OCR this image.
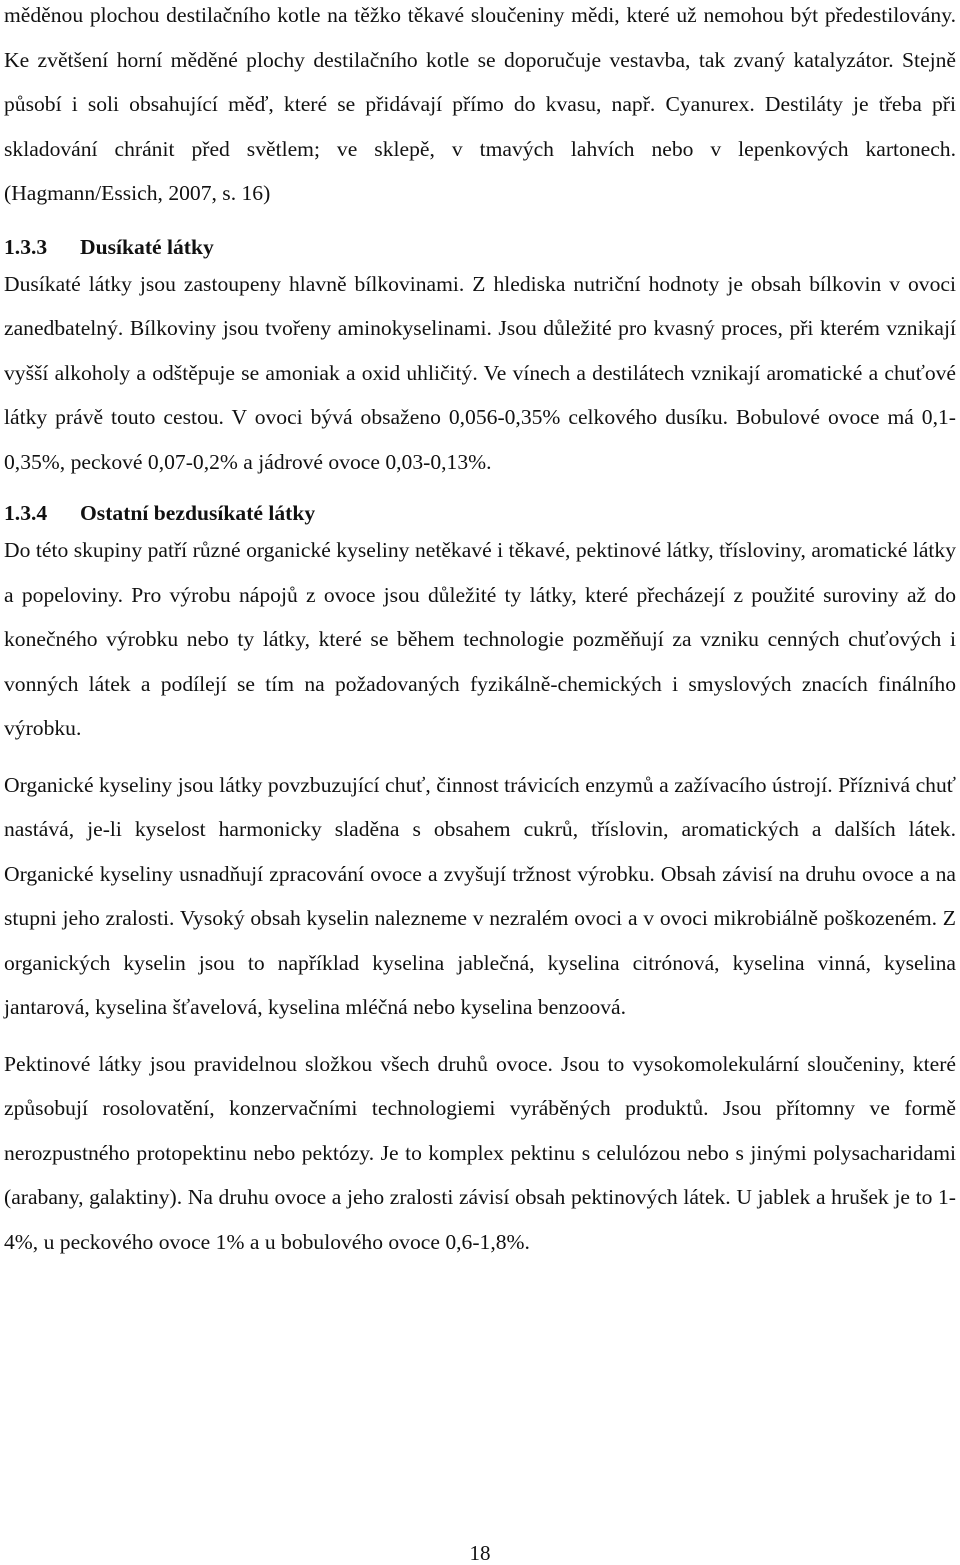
měděnou plochou destilačního kotle na těžko těkavé sloučeniny mědi, které už nemohou být předestilovány. Ke zvětšení horní měděné plochy destilačního kotle se doporučuje vestavba, tak zvaný katalyzátor. Stejně působí i soli obsahující měď, které se přidávají přímo do kvasu, např. Cyanurex. Destiláty je třeba při skladování chránit před světlem; ve sklepě, v tmavých lahvích nebo v lepenkových kartonech. (Hagmann/Essich, 2007, s. 16)

1.3.3 Dusíkaté látky

Dusíkaté látky jsou zastoupeny hlavně bílkovinami. Z hlediska nutriční hodnoty je obsah bílkovin v ovoci zanedbatelný. Bílkoviny jsou tvořeny aminokyselinami. Jsou důležité pro kvasný proces, při kterém vznikají vyšší alkoholy a odštěpuje se amoniak a oxid uhličitý. Ve vínech a destilátech vznikají aromatické a chuťové látky právě touto cestou. V ovoci bývá obsaženo 0,056-0,35% celkového dusíku. Bobulové ovoce má 0,1-0,35%, peckové 0,07-0,2% a jádrové ovoce 0,03-0,13%.

1.3.4 Ostatní bezdusíkaté látky

Do této skupiny patří různé organické kyseliny netěkavé i těkavé, pektinové látky, třísloviny, aromatické látky a popeloviny. Pro výrobu nápojů z ovoce jsou důležité ty látky, které přecházejí z použité suroviny až do konečného výrobku nebo ty látky, které se během technologie pozměňují za vzniku cenných chuťových i vonných látek a podílejí se tím na požadovaných fyzikálně-chemických i smyslových znacích finálního výrobku.

Organické kyseliny jsou látky povzbuzující chuť, činnost trávicích enzymů a zažívacího ústrojí. Příznivá chuť nastává, je-li kyselost harmonicky sladěna s obsahem cukrů, tříslovin, aromatických a dalších látek. Organické kyseliny usnadňují zpracování ovoce a zvyšují tržnost výrobku. Obsah závisí na druhu ovoce a na stupni jeho zralosti. Vysoký obsah kyselin nalezneme v nezralém ovoci a v ovoci mikrobiálně poškozeném. Z organických kyselin jsou to například kyselina jablečná, kyselina citrónová, kyselina vinná, kyselina jantarová, kyselina šťavelová, kyselina mléčná nebo kyselina benzoová.

Pektinové látky jsou pravidelnou složkou všech druhů ovoce. Jsou to vysokomolekulární sloučeniny, které způsobují rosolovatění, konzervačními technologiemi vyráběných produktů. Jsou přítomny ve formě nerozpustného protopektinu nebo pektózy. Je to komplex pektinu s celulózou nebo s jinými polysacharidami (arabany, galaktiny). Na druhu ovoce a jeho zralosti závisí obsah pektinových látek. U jablek a hrušek je to 1-4%, u peckového ovoce 1% a u bobulového ovoce 0,6-1,8%.

18
